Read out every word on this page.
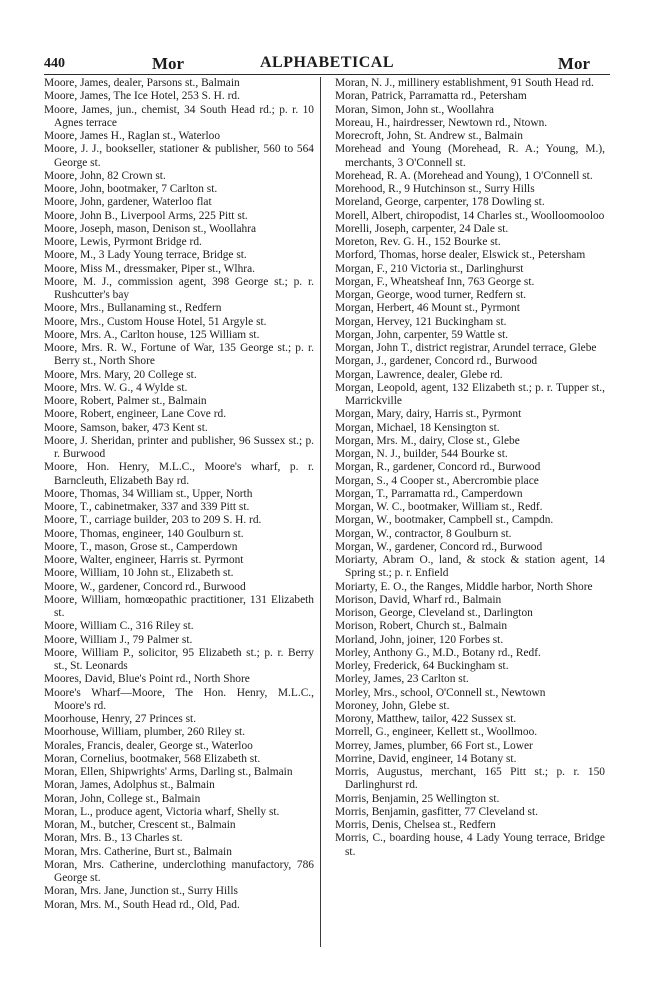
440	Mor	ALPHABETICAL	Mor
Moore, James, dealer, Parsons st., Balmain
Moore, James, The Ice Hotel, 253 S. H. rd.
Moore, James, jun., chemist, 34 South Head rd.; p. r. 10 Agnes terrace
Moore, James H., Raglan st., Waterloo
Moore, J. J., bookseller, stationer & publisher, 560 to 564 George st.
Moore, John, 82 Crown st.
Moore, John, bootmaker, 7 Carlton st.
Moore, John, gardener, Waterloo flat
Moore, John B., Liverpool Arms, 225 Pitt st.
Moore, Joseph, mason, Denison st., Woollahra
Moore, Lewis, Pyrmont Bridge rd.
Moore, M., 3 Lady Young terrace, Bridge st.
Moore, Miss M., dressmaker, Piper st., Wlhra.
Moore, M. J., commission agent, 398 George st.; p. r. Rushcutter's bay
Moore, Mrs., Bullanaming st., Redfern
Moore, Mrs., Custom House Hotel, 51 Argyle st.
Moore, Mrs. A., Carlton house, 125 William st.
Moore, Mrs. R. W., Fortune of War, 135 George st.; p. r. Berry st., North Shore
Moore, Mrs. Mary, 20 College st.
Moore, Mrs. W. G., 4 Wylde st.
Moore, Robert, Palmer st., Balmain
Moore, Robert, engineer, Lane Cove rd.
Moore, Samson, baker, 473 Kent st.
Moore, J. Sheridan, printer and publisher, 96 Sussex st.; p. r. Burwood
Moore, Hon. Henry, M.L.C., Moore's wharf, p. r. Barncleuth, Elizabeth Bay rd.
Moore, Thomas, 34 William st., Upper, North
Moore, T., cabinetmaker, 337 and 339 Pitt st.
Moore, T., carriage builder, 203 to 209 S. H. rd.
Moore, Thomas, engineer, 140 Goulburn st.
Moore, T., mason, Grose st., Camperdown
Moore, Walter, engineer, Harris st. Pyrmont
Moore, William, 10 John st., Elizabeth st.
Moore, W., gardener, Concord rd., Burwood
Moore, William, homœopathic practitioner, 131 Elizabeth st.
Moore, William C., 316 Riley st.
Moore, William J., 79 Palmer st.
Moore, William P., solicitor, 95 Elizabeth st.; p. r. Berry st., St. Leonards
Moores, David, Blue's Point rd., North Shore
Moore's Wharf—Moore, The Hon. Henry, M.L.C., Moore's rd.
Moorhouse, Henry, 27 Princes st.
Moorhouse, William, plumber, 260 Riley st.
Morales, Francis, dealer, George st., Waterloo
Moran, Cornelius, bootmaker, 568 Elizabeth st.
Moran, Ellen, Shipwrights' Arms, Darling st., Balmain
Moran, James, Adolphus st., Balmain
Moran, John, College st., Balmain
Moran, L., produce agent, Victoria wharf, Shelly st.
Moran, M., butcher, Crescent st., Balmain
Moran, Mrs. B., 13 Charles st.
Moran, Mrs. Catherine, Burt st., Balmain
Moran, Mrs. Catherine, underclothing manufactory, 786 George st.
Moran, Mrs. Jane, Junction st., Surry Hills
Moran, Mrs. M., South Head rd., Old, Pad.
Moran, N. J., millinery establishment, 91 South Head rd.
Moran, Patrick, Parramatta rd., Petersham
Moran, Simon, John st., Woollahra
Moreau, H., hairdresser, Newtown rd., Ntown.
Morecroft, John, St. Andrew st., Balmain
Morehead and Young (Morehead, R. A.; Young, M.), merchants, 3 O'Connell st.
Morehead, R. A. (Morehead and Young), 1 O'Connell st.
Morehood, R., 9 Hutchinson st., Surry Hills
Moreland, George, carpenter, 178 Dowling st.
Morell, Albert, chiropodist, 14 Charles st., Woolloomooloo
Morelli, Joseph, carpenter, 24 Dale st.
Moreton, Rev. G. H., 152 Bourke st.
Morford, Thomas, horse dealer, Elswick st., Petersham
Morgan, F., 210 Victoria st., Darlinghurst
Morgan, F., Wheatsheaf Inn, 763 George st.
Morgan, George, wood turner, Redfern st.
Morgan, Herbert, 46 Mount st., Pyrmont
Morgan, Hervey, 121 Buckingham st.
Morgan, John, carpenter, 59 Wattle st.
Morgan, John T., district registrar, Arundel terrace, Glebe
Morgan, J., gardener, Concord rd., Burwood
Morgan, Lawrence, dealer, Glebe rd.
Morgan, Leopold, agent, 132 Elizabeth st.; p. r. Tupper st., Marrickville
Morgan, Mary, dairy, Harris st., Pyrmont
Morgan, Michael, 18 Kensington st.
Morgan, Mrs. M., dairy, Close st., Glebe
Morgan, N. J., builder, 544 Bourke st.
Morgan, R., gardener, Concord rd., Burwood
Morgan, S., 4 Cooper st., Abercrombie place
Morgan, T., Parramatta rd., Camperdown
Morgan, W. C., bootmaker, William st., Redf.
Morgan, W., bootmaker, Campbell st., Campdn.
Morgan, W., contractor, 8 Goulburn st.
Morgan, W., gardener, Concord rd., Burwood
Moriarty, Abram O., land, & stock & station agent, 14 Spring st.; p. r. Enfield
Moriarty, E. O., the Ranges, Middle harbor, North Shore
Morison, David, Wharf rd., Balmain
Morison, George, Cleveland st., Darlington
Morison, Robert, Church st., Balmain
Morland, John, joiner, 120 Forbes st.
Morley, Anthony G., M.D., Botany rd., Redf.
Morley, Frederick, 64 Buckingham st.
Morley, James, 23 Carlton st.
Morley, Mrs., school, O'Connell st., Newtown
Moroney, John, Glebe st.
Morony, Matthew, tailor, 422 Sussex st.
Morrell, G., engineer, Kellett st., Woollmoo.
Morrey, James, plumber, 66 Fort st., Lower
Morrine, David, engineer, 14 Botany st.
Morris, Augustus, merchant, 165 Pitt st.; p. r. 150 Darlinghurst rd.
Morris, Benjamin, 25 Wellington st.
Morris, Benjamin, gasfitter, 77 Cleveland st.
Morris, Denis, Chelsea st., Redfern
Morris, C., boarding house, 4 Lady Young terrace, Bridge st.
